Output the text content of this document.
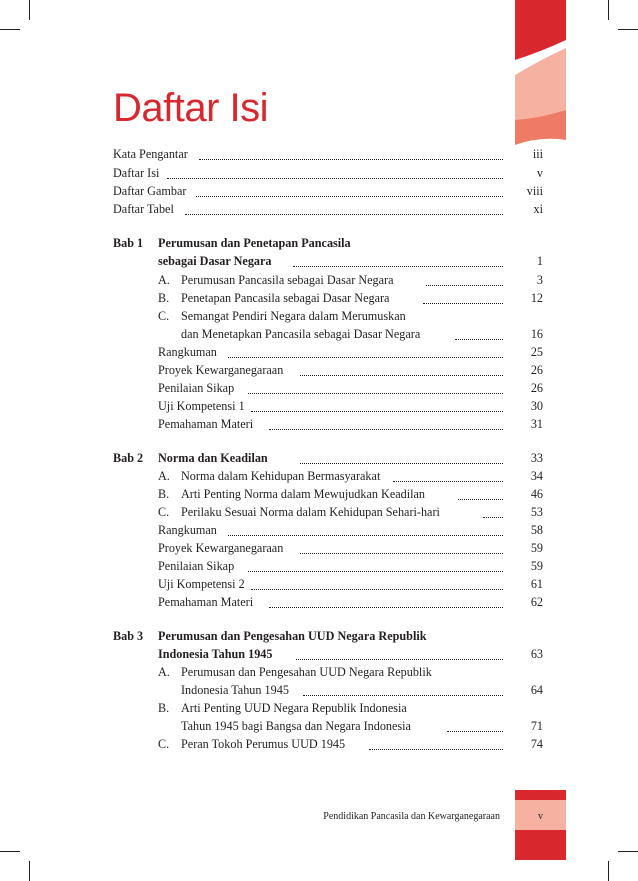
Daftar Isi
Kata Pengantar	iii
Daftar Isi	v
Daftar Gambar	viii
Daftar Tabel	xi
Bab 1 Perumusan dan Penetapan Pancasila
sebagai Dasar Negara	1
A. Perumusan Pancasila sebagai Dasar Negara	3
B. Penetapan Pancasila sebagai Dasar Negara	12
C. Semangat Pendiri Negara dalam Merumuskan
dan Menetapkan Pancasila sebagai Dasar Negara	16
Rangkuman	25
Proyek Kewarganegaraan	26
Penilaian Sikap	26
Uji Kompetensi 1	30
Pemahaman Materi	31
Bab 2 Norma dan Keadilan	33
A. Norma dalam Kehidupan Bermasyarakat	34
B. Arti Penting Norma dalam Mewujudkan Keadilan	46
C. Perilaku Sesuai Norma dalam Kehidupan Sehari-hari	53
Rangkuman	58
Proyek Kewarganegaraan	59
Penilaian Sikap	59
Uji Kompetensi 2	61
Pemahaman Materi	62
Bab 3 Perumusan dan Pengesahan UUD Negara Republik
Indonesia Tahun 1945	63
A. Perumusan dan Pengesahan UUD Negara Republik
Indonesia Tahun 1945	64
B. Arti Penting UUD Negara Republik Indonesia
Tahun 1945 bagi Bangsa dan Negara Indonesia	71
C. Peran Tokoh Perumus UUD 1945	74
Pendidikan Pancasila dan Kewarganegaraan	v
